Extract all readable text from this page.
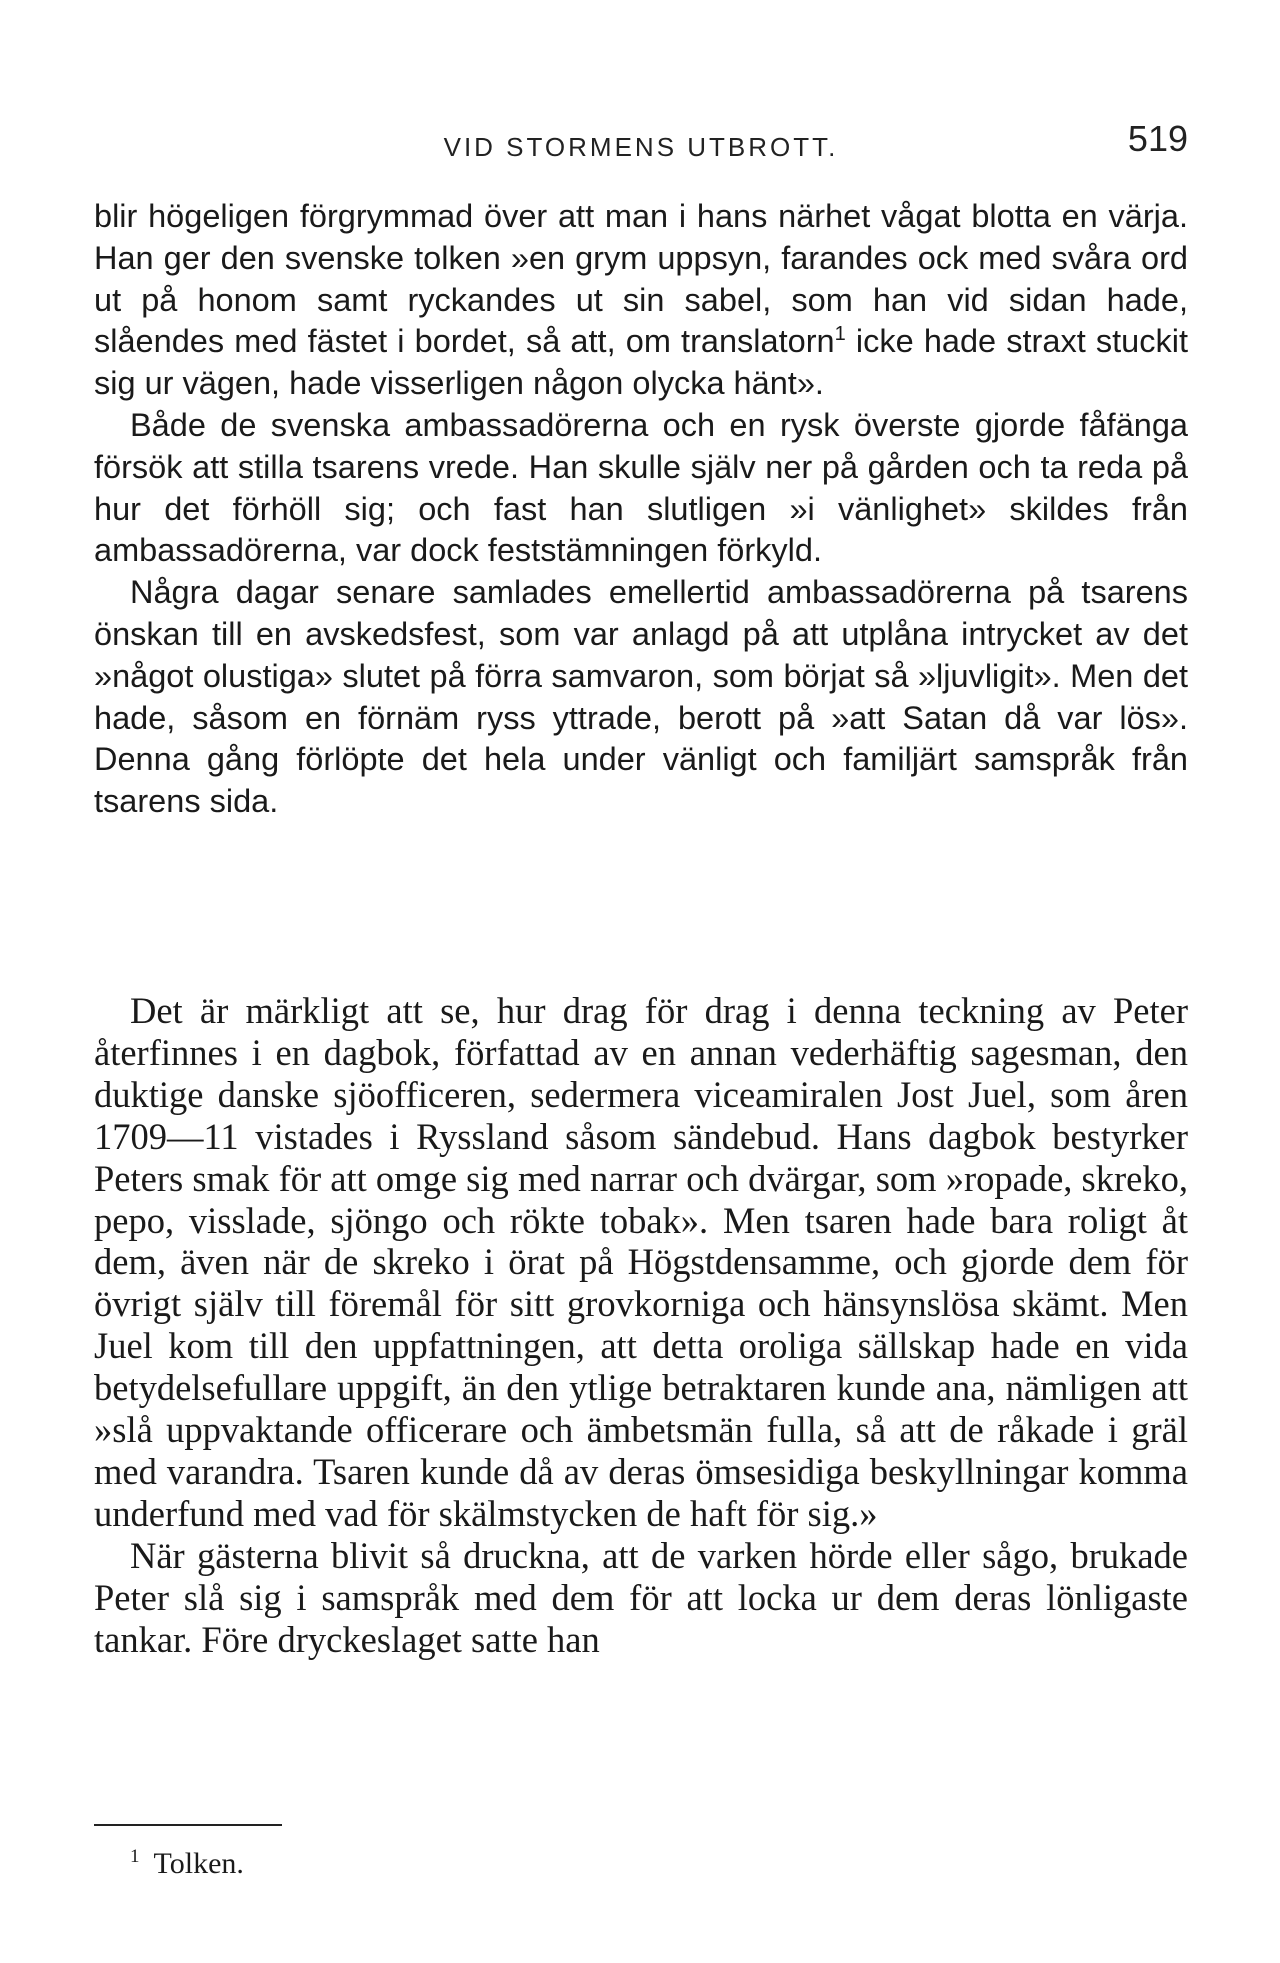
VID STORMENS UTBROTT.	519

blir högeligen förgrymmad över att man i hans närhet vågat blotta en värja. Han ger den svenske tolken »en grym uppsyn, farandes ock med svåra ord ut på honom samt ryckandes ut sin sabel, som han vid sidan hade, slåendes med fästet i bordet, så att, om translatorn$^1$ icke hade straxt stuckit sig ur vägen, hade visserligen någon olycka hänt».

Både de svenska ambassadörerna och en rysk överste gjorde fåfänga försök att stilla tsarens vrede. Han skulle själv ner på gården och ta reda på hur det förhöll sig; och fast han slutligen »i vänlighet» skildes från ambassadörerna, var dock feststämningen förkyld.

Några dagar senare samlades emellertid ambassadörerna på tsarens önskan till en avskedsfest, som var anlagd på att utplåna intrycket av det »något olustiga» slutet på förra samvaron, som börjat så »ljuvligit». Men det hade, såsom en förnäm ryss yttrade, berott på »att Satan då var lös». Denna gång förlöpte det hela under vänligt och familjärt samspråk från tsarens sida.

Det är märkligt att se, hur drag för drag i denna teckning av Peter återfinnes i en dagbok, författad av en annan vederhäftig sagesman, den duktige danske sjöofficeren, sedermera viceamiralen Jost Juel, som åren 1709—11 vistades i Ryssland såsom sändebud. Hans dagbok bestyrker Peters smak för att omge sig med narrar och dvärgar, som »ropade, skreko, pepo, visslade, sjöngo och rökte tobak». Men tsaren hade bara roligt åt dem, även när de skreko i örat på Högstdensamme, och gjorde dem för övrigt själv till föremål för sitt grovkorniga och hänsynslösa skämt. Men Juel kom till den uppfattningen, att detta oroliga sällskap hade en vida betydelsefullare uppgift, än den ytlige betraktaren kunde ana, nämligen att »slå uppvaktande officerare och ämbetsmän fulla, så att de råkade i gräl med varandra. Tsaren kunde då av deras ömsesidiga beskyllningar komma underfund med vad för skälmstycken de haft för sig.»

När gästerna blivit så druckna, att de varken hörde eller sågo, brukade Peter slå sig i samspråk med dem för att locka ur dem deras lönligaste tankar. Före dryckeslaget satte han

$^1$ Tolken.
